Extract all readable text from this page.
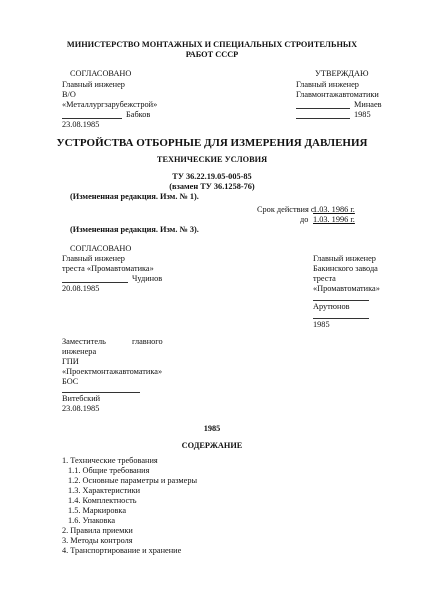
МИНИСТЕРСТВО МОНТАЖНЫХ И СПЕЦИАЛЬНЫХ СТРОИТЕЛЬНЫХ
РАБОТ СССР
СОГЛАСОВАНО
Главный инженер
В/О
«Металлургзарубежстрой»
Бабков
23.08.1985
УТВЕРЖДАЮ
Главный инженер
Главмонтажавтоматики
Минаев
1985
УСТРОЙСТВА ОТБОРНЫЕ ДЛЯ ИЗМЕРЕНИЯ ДАВЛЕНИЯ
ТЕХНИЧЕСКИЕ УСЛОВИЯ
ТУ 36.22.19.05-005-85
(взамен ТУ 36.1258-76)
(Измененная редакция. Изм. № 1).
Срок действия с
1.03. 1986 г.
до 1.03. 1996 г.
(Измененная редакция. Изм. № 3).
СОГЛАСОВАНО
Главный инженер
треста «Промавтоматика»
Чудинов
20.08.1985
Главный инженер
Бакинского завода
треста
«Промавтоматика»
Арутюнов
1985
Заместитель	главного
инженера
ГПИ
«Проектмонтажавтоматика»
БОС
Витебский
23.08.1985
1985
СОДЕРЖАНИЕ
1. Технические требования
1.1. Общие требования
1.2. Основные параметры и размеры
1.3. Характеристики
1.4. Комплектность
1.5. Маркировка
1.6. Упаковка
2. Правила приемки
3. Методы контроля
4. Транспортирование и хранение
